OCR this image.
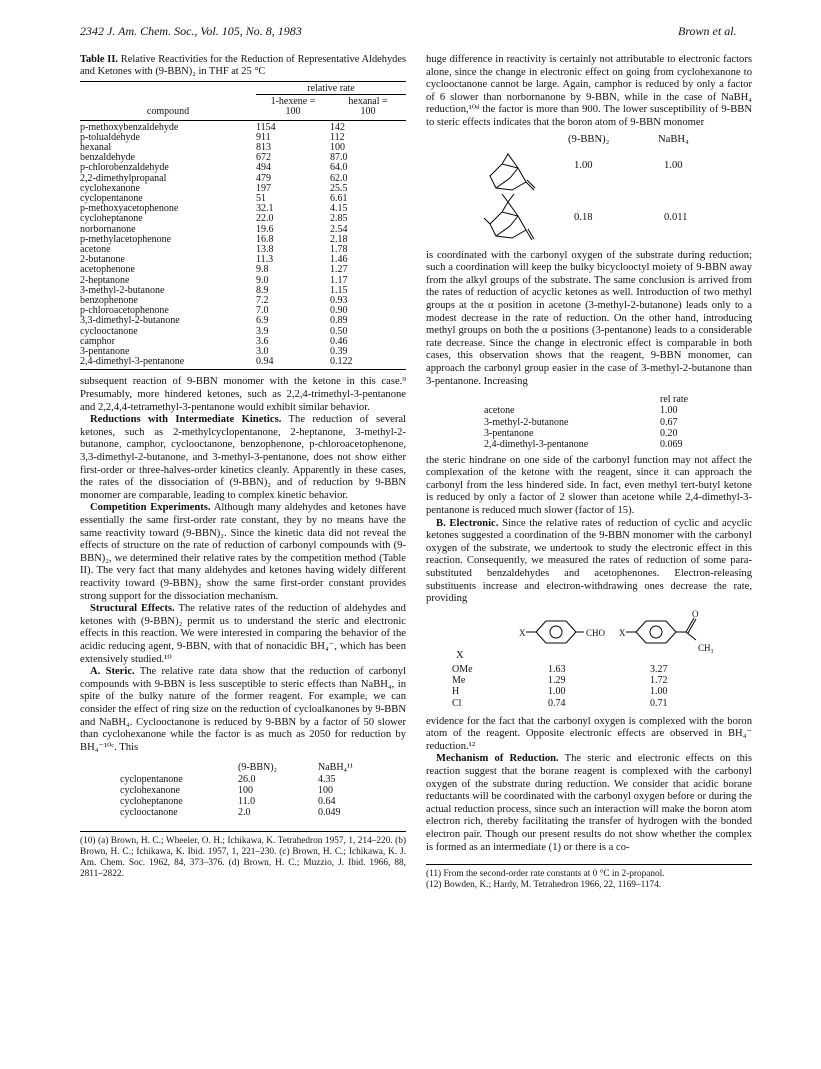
2342 J. Am. Chem. Soc., Vol. 105, No. 8, 1983	Brown et al.
Table II. Relative Reactivities for the Reduction of Representative Aldehydes and Ketones with (9-BBN)₂ in THF at 25 °C
	relative rate	
	1-hexene =	hexanal =
compound	100	100
p-methoxybenzaldehyde	1154	142
p-tolualdehyde	911	112
hexanal	813	100
benzaldehyde	672	87.0
p-chlorobenzaldehyde	494	64.0
2,2-dimethylpropanal	479	62.0
cyclohexanone	197	25.5
cyclopentanone	51	6.61
p-methoxyacetophenone	32.1	4.15
cycloheptanone	22.0	2.85
norbornanone	19.6	2.54
p-methylacetophenone	16.8	2.18
acetone	13.8	1.78
2-butanone	11.3	1.46
acetophenone	9.8	1.27
2-heptanone	9.0	1.17
3-methyl-2-butanone	8.9	1.15
benzophenone	7.2	0.93
p-chloroacetophenone	7.0	0.90
3,3-dimethyl-2-butanone	6.9	0.89
cyclooctanone	3.9	0.50
camphor	3.6	0.46
3-pentanone	3.0	0.39
2,4-dimethyl-3-pentanone	0.94	0.122

subsequent reaction of 9-BBN monomer with the ketone in this case.⁹ Presumably, more hindered ketones, such as 2,2,4-trimethyl-3-pentanone and 2,2,4,4-tetramethyl-3-pentanone would exhibit similar behavior.

Reductions with Intermediate Kinetics. The reduction of several ketones, such as 2-methylcyclopentanone, 2-heptanone, 3-methyl-2-butanone, camphor, cyclooctanone, benzophenone, p-chloroacetophenone, 3,3-dimethyl-2-butanone, and 3-methyl-3-pentanone, does not show either first-order or three-halves-order kinetics cleanly. Apparently in these cases, the rates of the dissociation of (9-BBN)₂ and of reduction by 9-BBN monomer are comparable, leading to complex kinetic behavior.

Competition Experiments. Although many aldehydes and ketones have essentially the same first-order rate constant, they by no means have the same reactivity toward (9-BBN)₂. Since the kinetic data did not reveal the effects of structure on the rate of reduction of carbonyl compounds with (9-BBN)₂, we determined their relative rates by the competition method (Table II). The very fact that many aldehydes and ketones having widely different reactivity toward (9-BBN)₂ show the same first-order constant provides strong support for the dissociation mechanism.

Structural Effects. The relative rates of the reduction of aldehydes and ketones with (9-BBN)₂ permit us to understand the steric and electronic effects in this reaction. We were interested in comparing the behavior of the acidic reducing agent, 9-BBN, with that of nonacidic BH₄⁻, which has been extensively studied.¹⁰

A. Steric. The relative rate data show that the reduction of carbonyl compounds with 9-BBN is less susceptible to steric effects than NaBH₄, in spite of the bulky nature of the former reagent. For example, we can consider the effect of ring size on the reduction of cycloalkanones by 9-BBN and NaBH₄. Cyclooctanone is reduced by 9-BBN by a factor of 50 slower than cyclohexanone while the factor is as much as 2050 for reduction by BH₄⁻¹⁰ᶜ. This

	(9-BBN)₂	NaBH₄¹¹
cyclopentanone	26.0	4.35
cyclohexanone	100	100
cycloheptanone	11.0	0.64
cyclooctanone	2.0	0.049
(10) (a) Brown, H. C.; Wheeler, O. H.; Ichikawa, K. Tetrahedron 1957, 1, 214–220. (b) Brown, H. C.; Ichikawa, K. Ibid. 1957, 1, 221–230. (c) Brown, H. C.; Ichikawa, K. J. Am. Chem. Soc. 1962, 84, 373–376. (d) Brown, H. C.; Muzzio, J. Ibid. 1966, 88, 2811–2822.

huge difference in reactivity is certainly not attributable to electronic factors alone, since the change in electronic effect on going from cyclohexanone to cyclooctanone cannot be large. Again, camphor is reduced by only a factor of 6 slower than norbornanone by 9-BBN, while in the case of NaBH₄ reduction,¹⁰ᵈ the factor is more than 900. The lower susceptibility of 9-BBN to steric effects indicates that the boron atom of 9-BBN monomer

(9-BBN)₂	NaBH₄
1.00	1.00
0.18	0.011

is coordinated with the carbonyl oxygen of the substrate during reduction; such a coordination will keep the bulky bicyclooctyl moiety of 9-BBN away from the alkyl groups of the substrate. The same conclusion is arrived from the rates of reduction of acyclic ketones as well. Introduction of two methyl groups at the α position in acetone (3-methyl-2-butanone) leads only to a modest decrease in the rate of reduction. On the other hand, introducing methyl groups on both the α positions (3-pentanone) leads to a considerable rate decrease. Since the change in electronic effect is comparable in both cases, this observation shows that the reagent, 9-BBN monomer, can approach the carbonyl group easier in the case of 3-methyl-2-butanone than 3-pentanone. Increasing

	rel rate
acetone	1.00
3-methyl-2-butanone	0.67
3-pentanone	0.20
2,4-dimethyl-3-pentanone	0.069

the steric hindrane on one side of the carbonyl function may not affect the complexation of the ketone with the reagent, since it can approach the carbonyl from the less hindered side. In fact, even methyl tert-butyl ketone is reduced by only a factor of 2 slower than acetone while 2,4-dimethyl-3-pentanone is reduced much slower (factor of 15).

B. Electronic. Since the relative rates of reduction of cyclic and acyclic ketones suggested a coordination of the 9-BBN monomer with the carbonyl oxygen of the substrate, we undertook to study the electronic effect in this reaction. Consequently, we measured the rates of reduction of some para-substituted benzaldehydes and acetophenones. Electron-releasing substituents increase and electron-withdrawing ones decrease the rate, providing

X	CHO X
O
CH₃
X
OMe	1.63	3.27
Me	1.29	1.72
H	1.00	1.00
Cl	0.74	0.71

evidence for the fact that the carbonyl oxygen is complexed with the boron atom of the reagent. Opposite electronic effects are observed in BH₄⁻ reduction.¹²

Mechanism of Reduction. The steric and electronic effects on this reaction suggest that the borane reagent is complexed with the carbonyl oxygen of the substrate during reduction. We consider that acidic borane reductants will be coordinated with the carbonyl oxygen before or during the actual reduction process, since such an interaction will make the boron atom electron rich, thereby facilitating the transfer of hydrogen with the bonded electron pair. Though our present results do not show whether the complex is formed as an intermediate (1) or there is a co-

(11) From the second-order rate constants at 0 °C in 2-propanol.
(12) Bowden, K.; Hardy, M. Tetrahedron 1966, 22, 1169–1174.
